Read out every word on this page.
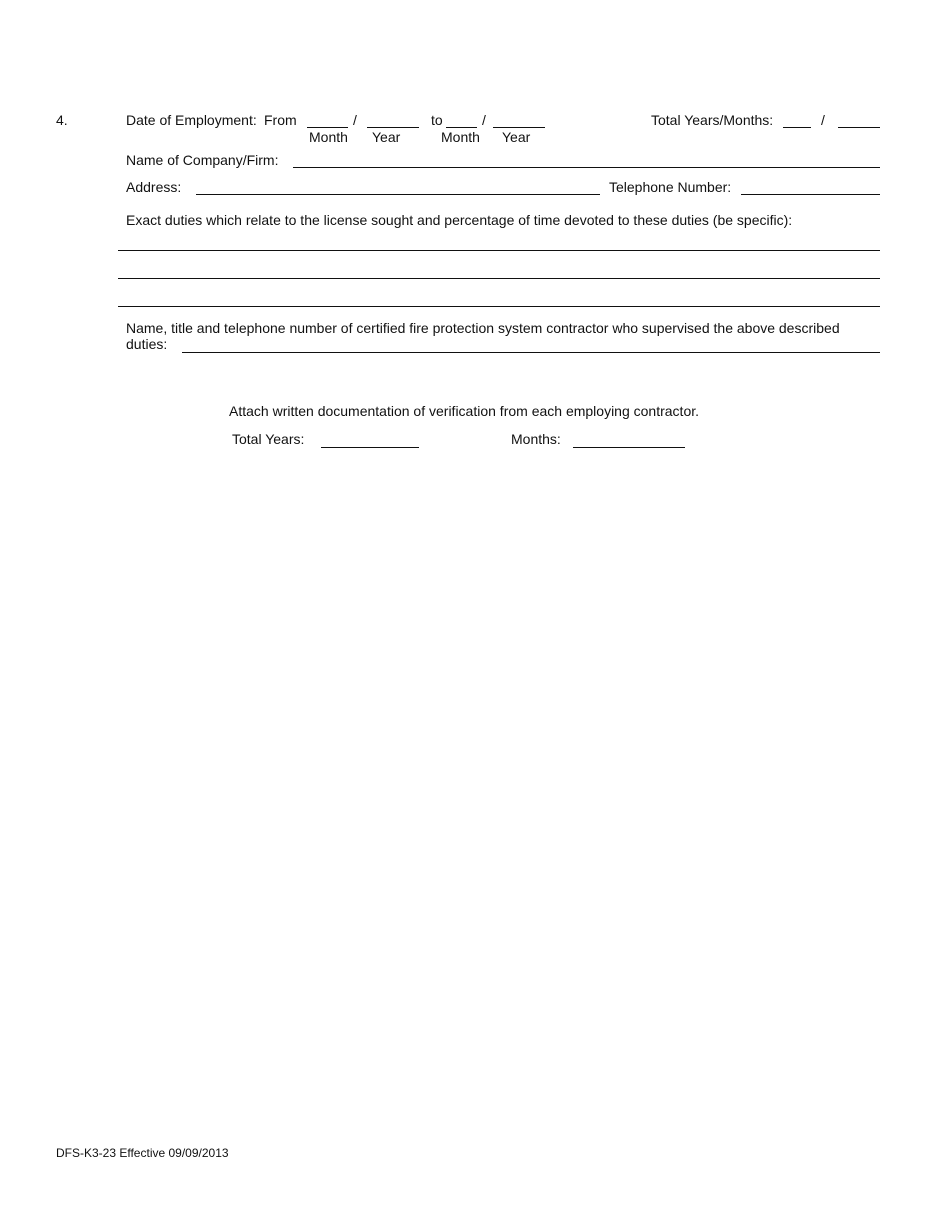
4.	Date of Employment: From	/	to	/
Month Year	Month Year
Total Years/Months:	/
Name of Company/Firm:
Address:	Telephone Number:
Exact duties which relate to the license sought and percentage of time devoted to these duties (be specific):
Name, title and telephone number of certified fire protection system contractor who supervised the above described
duties:
Attach written documentation of verification from each employing contractor.
Total Years:	Months:
DFS-K3-23 Effective 09/09/2013
